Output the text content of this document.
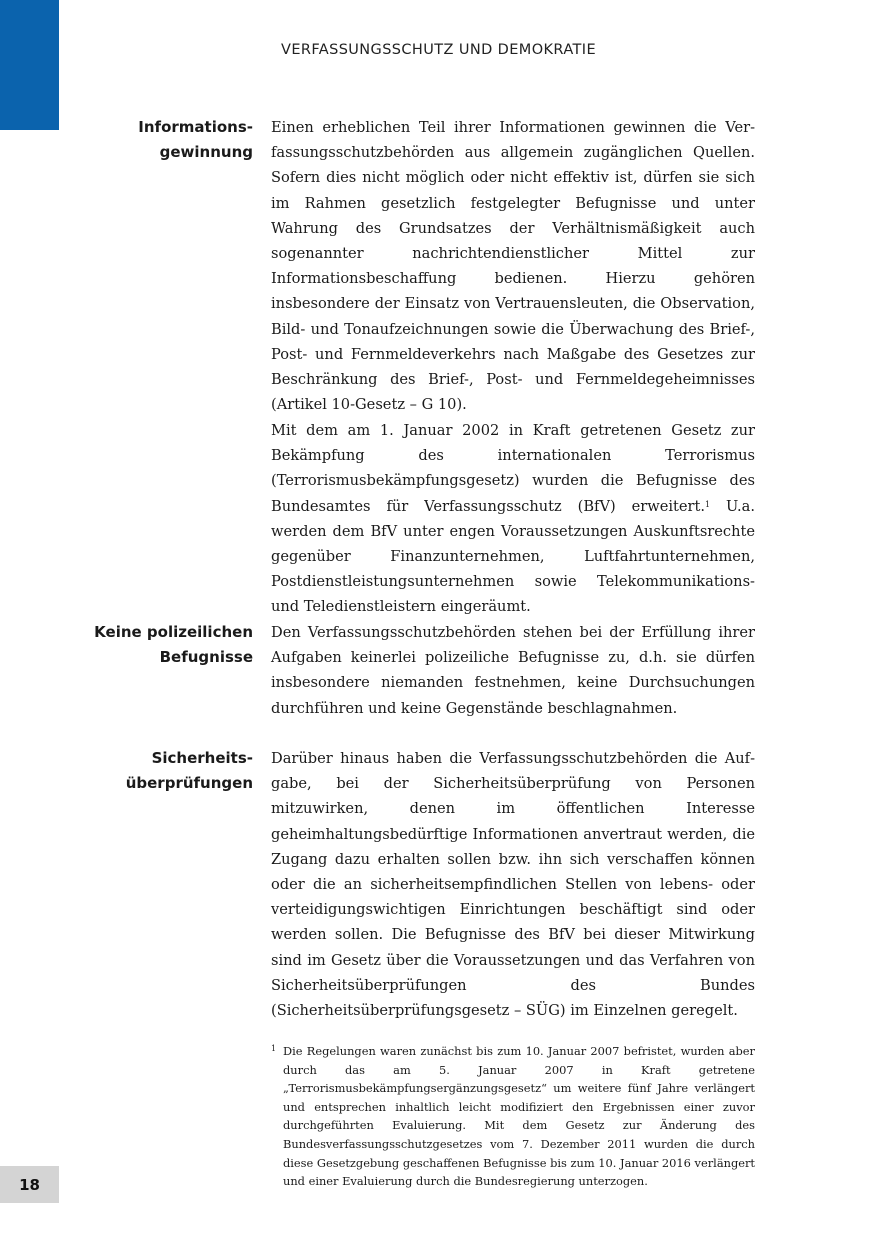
VERFASSUNGSSCHUTZ UND DEMOKRATIE
Informations-
gewinnung

Einen erheblichen Teil ihrer Informationen gewinnen die Verfassungsschutzbehörden aus allgemein zugänglichen Quellen. Sofern dies nicht möglich oder nicht effektiv ist, dürfen sie sich im Rahmen gesetzlich festgelegter Befugnisse und unter Wahrung des Grundsatzes der Verhältnismäßigkeit auch sogenannter nachrichtendienstlicher Mittel zur Informationsbeschaffung bedienen. Hierzu gehören insbesondere der Einsatz von Vertrauensleuten, die Observation, Bild- und Tonaufzeichnungen sowie die Überwachung des Brief-, Post- und Fernmeldeverkehrs nach Maßgabe des Gesetzes zur Beschränkung des Brief-, Post- und Fernmeldegeheimnisses (Artikel 10-Gesetz – G 10).

Mit dem am 1. Januar 2002 in Kraft getretenen Gesetz zur Bekämpfung des internationalen Terrorismus (Terrorismusbekämpfungsgesetz) wurden die Befugnisse des Bundesamtes für Verfassungsschutz (BfV) erweitert.$^1$ U.a. werden dem BfV unter engen Voraussetzungen Auskunftsrechte gegenüber Finanzunternehmen, Luftfahrtunternehmen, Postdienstleistungsunternehmen sowie Telekommunikations- und Teledienstleistern eingeräumt.

Keine polizeilichen
Befugnisse

Den Verfassungsschutzbehörden stehen bei der Erfüllung ihrer Aufgaben keinerlei polizeiliche Befugnisse zu, d.h. sie dürfen insbesondere niemanden festnehmen, keine Durchsuchungen durchführen und keine Gegenstände beschlagnahmen.

Sicherheits-
überprüfungen

Darüber hinaus haben die Verfassungsschutzbehörden die Aufgabe, bei der Sicherheitsüberprüfung von Personen mitzuwirken, denen im öffentlichen Interesse geheimhaltungsbedürftige Informationen anvertraut werden, die Zugang dazu erhalten sollen bzw. ihn sich verschaffen können oder die an sicherheitsempfindlichen Stellen von lebens- oder verteidigungswichtigen Einrichtungen beschäftigt sind oder werden sollen. Die Befugnisse des BfV bei dieser Mitwirkung sind im Gesetz über die Voraussetzungen und das Verfahren von Sicherheitsüberprüfungen des Bundes (Sicherheitsüberprüfungsgesetz – SÜG) im Einzelnen geregelt.

1 Die Regelungen waren zunächst bis zum 10. Januar 2007 befristet, wurden aber durch das am 5. Januar 2007 in Kraft getretene „Terrorismusbekämpfungsergänzungsgesetz“ um weitere fünf Jahre verlängert und entsprechen inhaltlich leicht modifiziert den Ergebnissen einer zuvor durchgeführten Evaluierung. Mit dem Gesetz zur Änderung des Bundesverfassungsschutzgesetzes vom 7. Dezember 2011 wurden die durch diese Gesetzgebung geschaffenen Befugnisse bis zum 10. Januar 2016 verlängert und einer Evaluierung durch die Bundesregierung unterzogen.

18
